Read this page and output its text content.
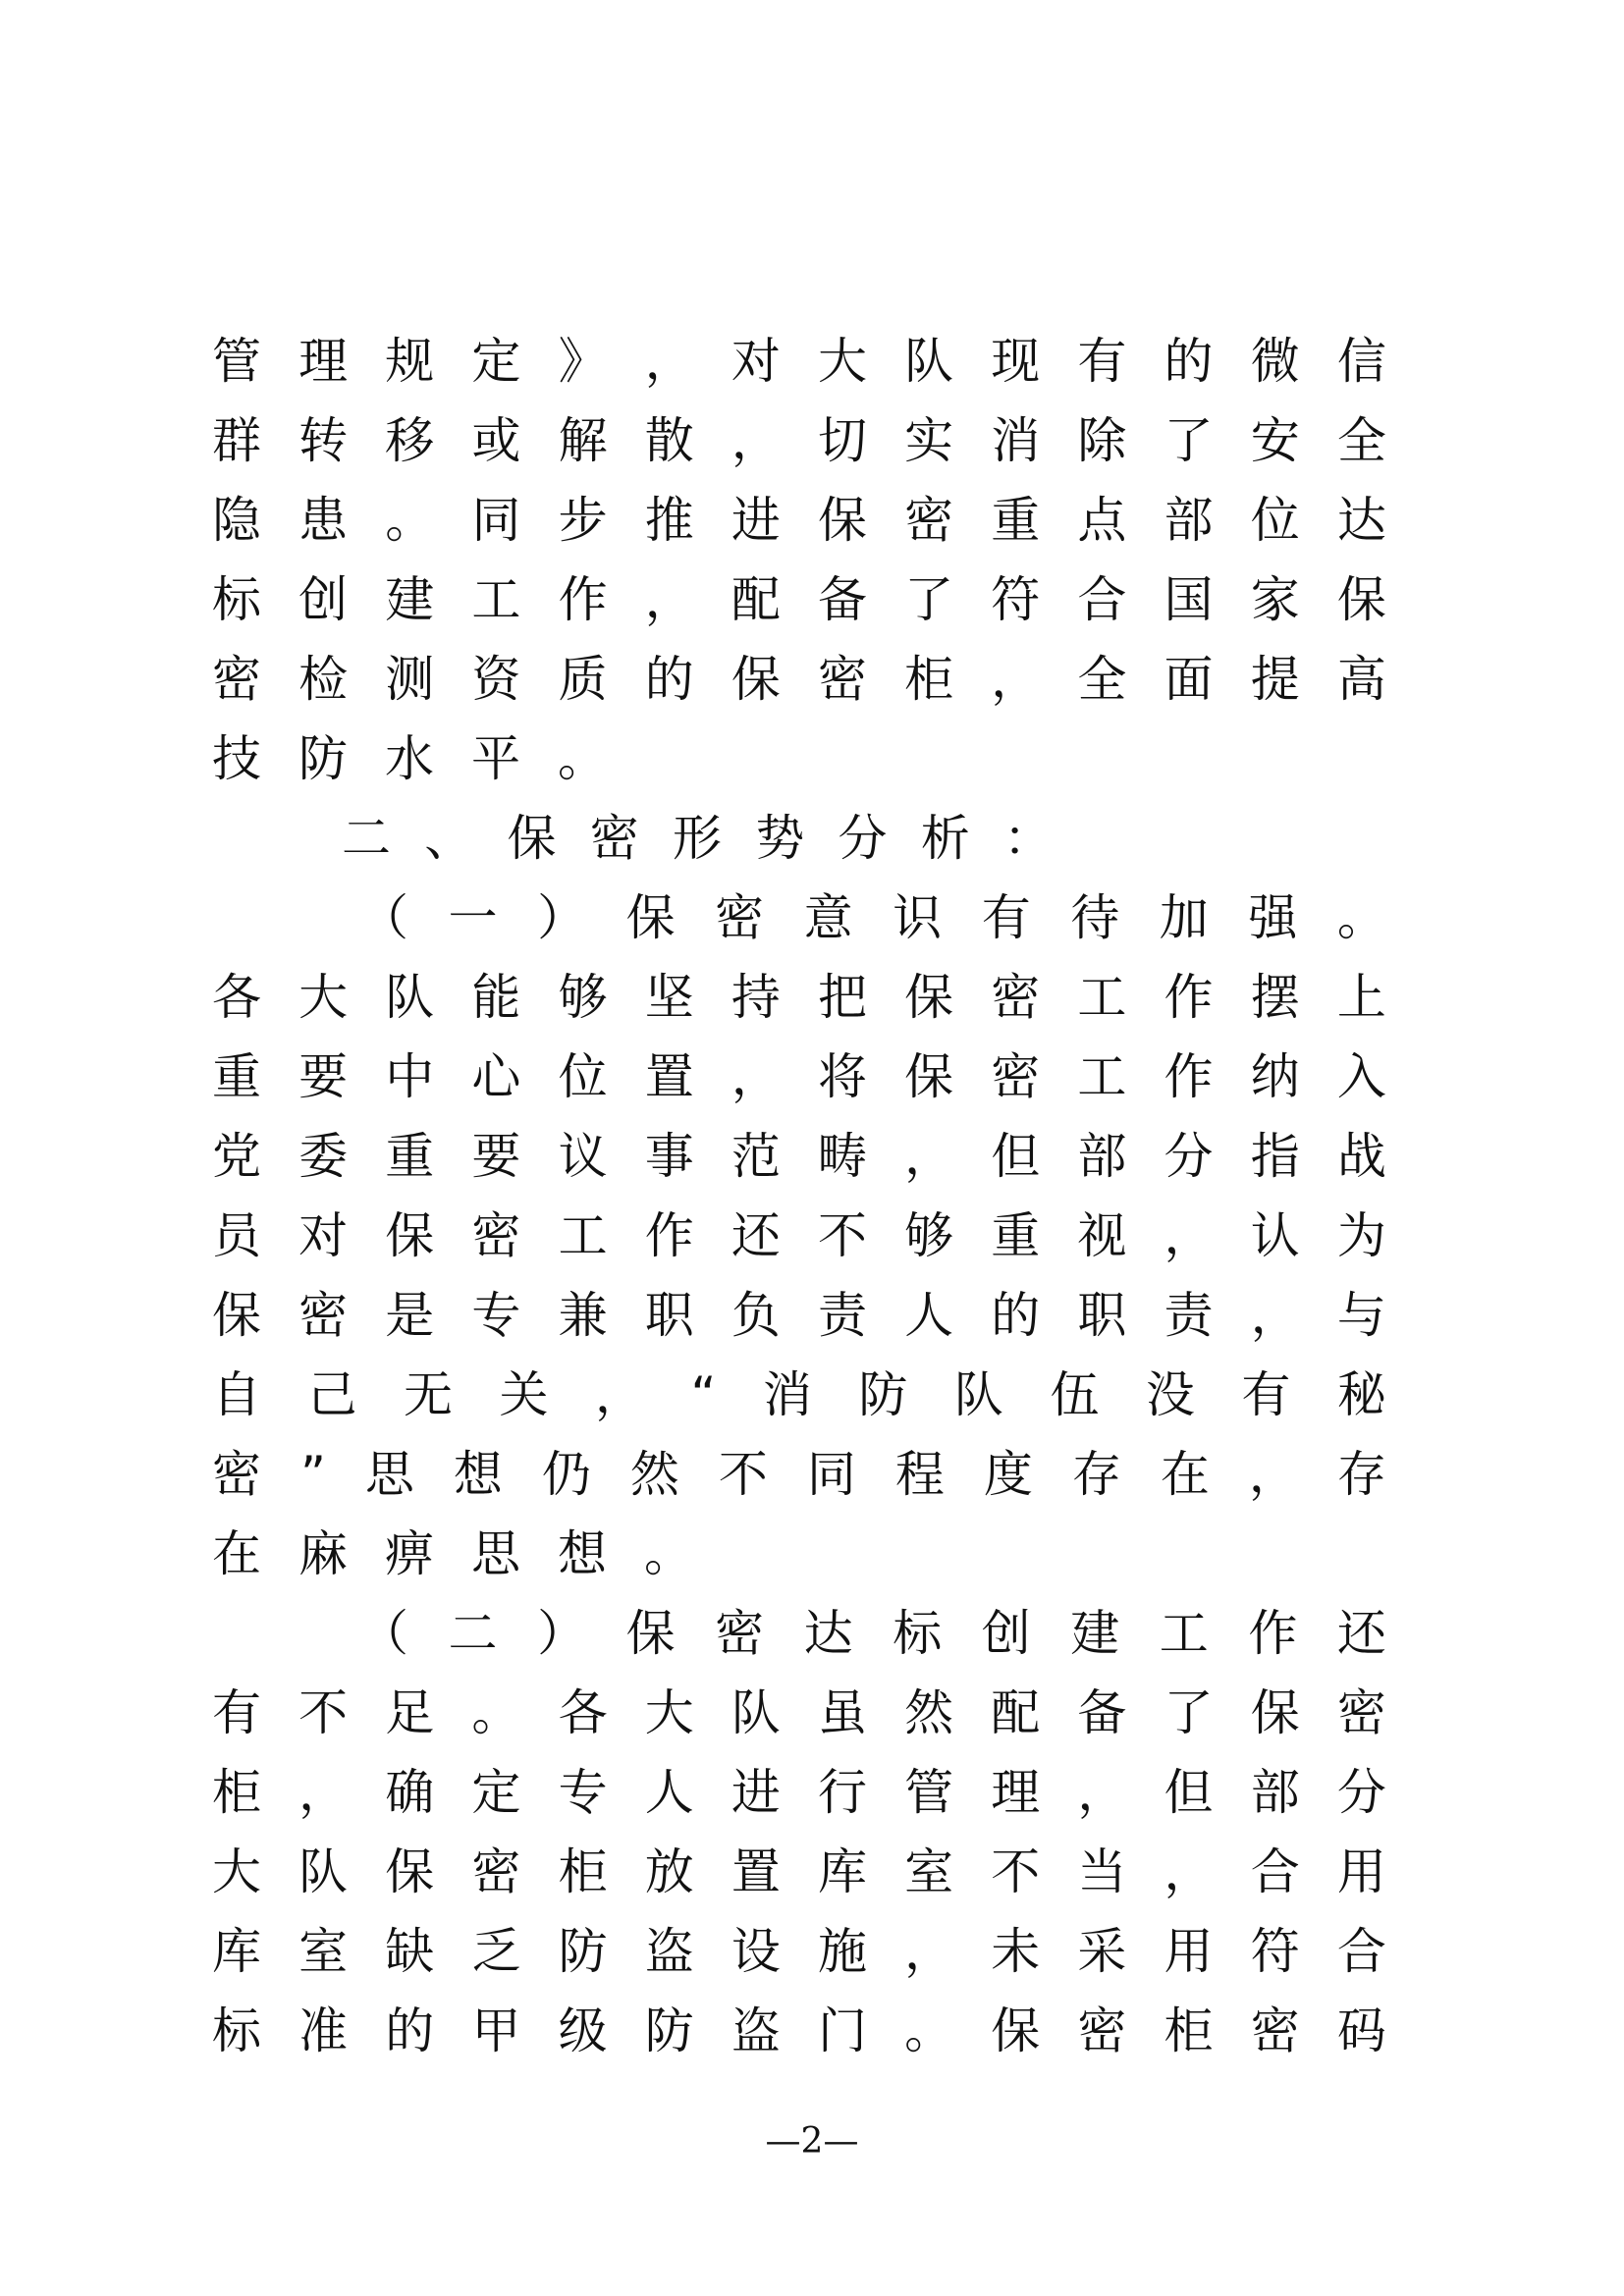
管 理 规 定 》 ， 对 大 队 现 有 的 微 信
群 转 移 或 解 散 ， 切 实 消 除 了 安 全
隐 患 。 同 步 推 进 保 密 重 点 部 位 达
标 创 建 工 作 ， 配 备 了 符 合 国 家 保
密 检 测 资 质 的 保 密 柜 ， 全 面 提 高
技防水平。
二 、 保 密 形 势 分 析 ：
（ 一 ） 保 密 意 识 有 待 加 强 。
各 大 队 能 够 坚 持 把 保 密 工 作 摆 上
重 要 中 心 位 置 ， 将 保 密 工 作 纳 入
党 委 重 要 议 事 范 畴 ， 但 部 分 指 战
员 对 保 密 工 作 还 不 够 重 视 ， 认 为
保 密 是 专 兼 职 负 责 人 的 职 责 ， 与
自 己 无 关 ， “ 消 防 队 伍 没 有 秘
密 ” 思 想 仍 然 不 同 程 度 存 在 ， 存
在麻痹思想。
（ 二 ） 保 密 达 标 创 建 工 作 还
有 不 足 。 各 大 队 虽 然 配 备 了 保 密
柜 ， 确 定 专 人 进 行 管 理 ， 但 部 分
大 队 保 密 柜 放 置 库 室 不 当 ， 合 用
库 室 缺 乏 防 盗 设 施 ， 未 采 用 符 合
标 准 的 甲 级 防 盗 门 。 保 密 柜 密 码
—2—
